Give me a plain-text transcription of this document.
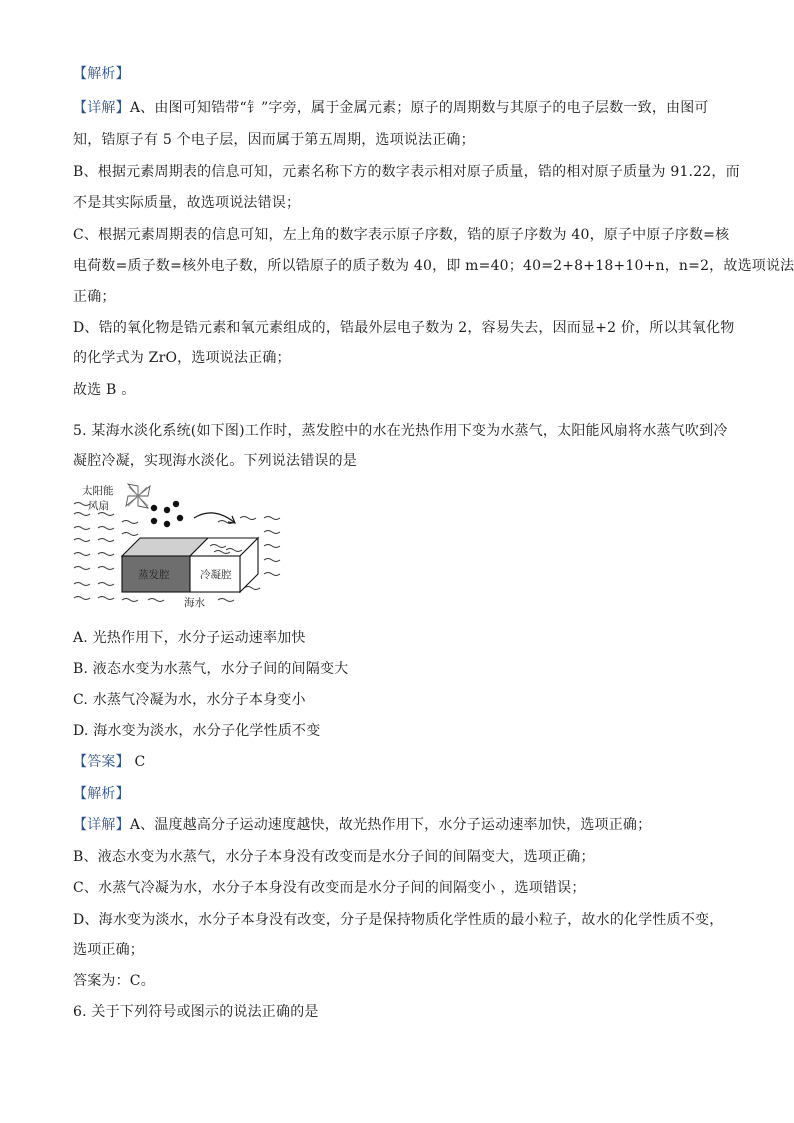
【解析】
【详解】A、由图可知锆带“钅”字旁，属于金属元素；原子的周期数与其原子的电子层数一致，由图可
知，锆原子有 5 个电子层，因而属于第五周期，选项说法正确；
B、根据元素周期表的信息可知，元素名称下方的数字表示相对原子质量，锆的相对原子质量为 91.22，而
不是其实际质量，故选项说法错误；
C、根据元素周期表的信息可知，左上角的数字表示原子序数，锆的原子序数为 40，原子中原子序数=核
电荷数=质子数=核外电子数，所以锆原子的质子数为 40，即 m=40；40=2+8+18+10+n，n=2，故选项说法
正确；
D、锆的氧化物是锆元素和氧元素组成的，锆最外层电子数为 2，容易失去，因而显+2 价，所以其氧化物
的化学式为 ZrO，选项说法正确；
故选 B 。
5. 某海水淡化系统(如下图)工作时，蒸发腔中的水在光热作用下变为水蒸气，太阳能风扇将水蒸气吹到冷
凝腔冷凝，实现海水淡化。下列说法错误的是
太阳能
风扇
蒸发腔	冷凝腔
海水
A. 光热作用下，水分子运动速率加快
B. 液态水变为水蒸气，水分子间的间隔变大
C. 水蒸气冷凝为水，水分子本身变小
D. 海水变为淡水，水分子化学性质不变
【答案】 C
【解析】
【详解】A、温度越高分子运动速度越快，故光热作用下，水分子运动速率加快，选项正确；
B、液态水变为水蒸气，水分子本身没有改变而是水分子间的间隔变大，选项正确；
C、水蒸气冷凝为水，水分子本身没有改变而是水分子间的间隔变小 ，选项错误；
D、海水变为淡水，水分子本身没有改变，分子是保持物质化学性质的最小粒子，故水的化学性质不变，
选项正确；
答案为：C。
6. 关于下列符号或图示的说法正确的是
